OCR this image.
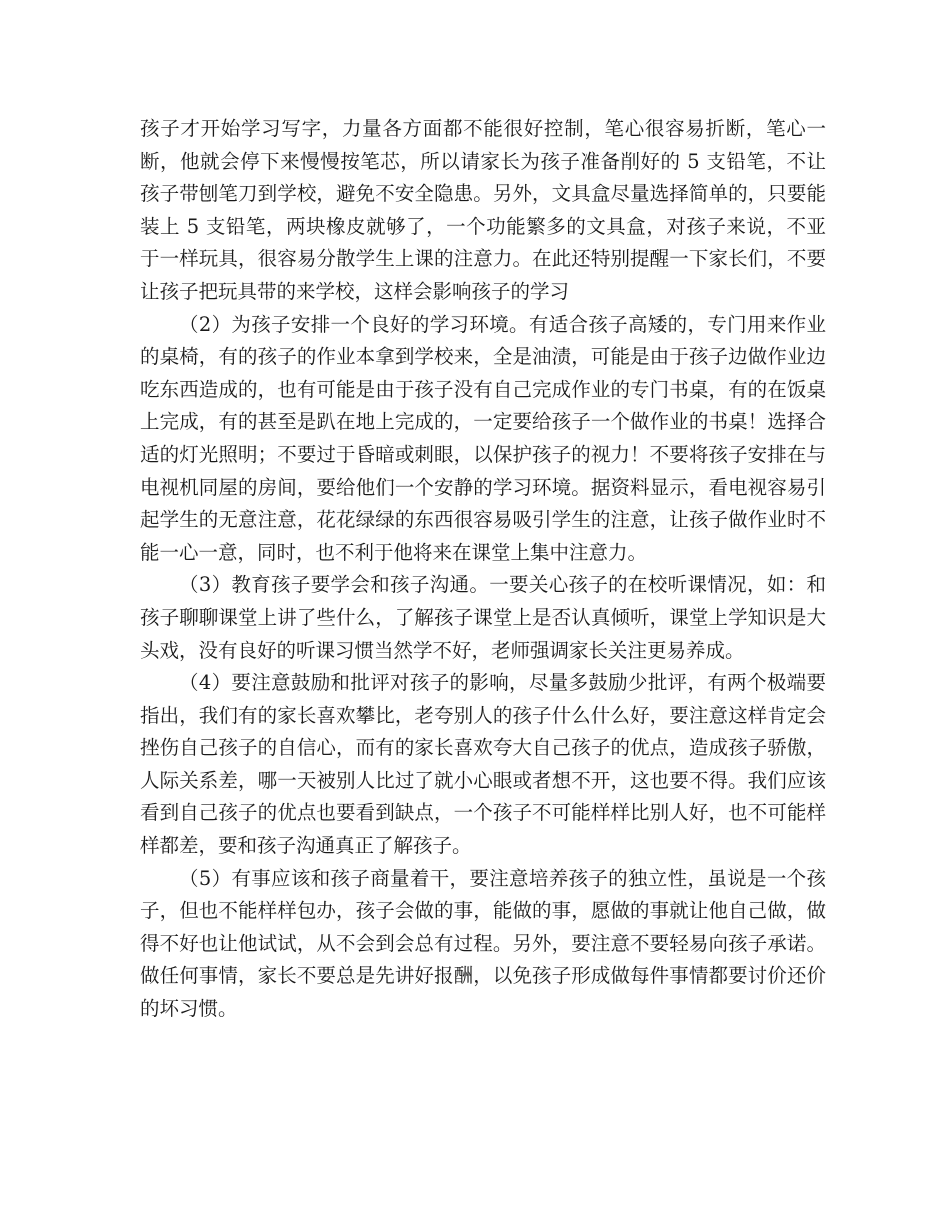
孩子才开始学习写字，力量各方面都不能很好控制，笔心很容易折断，笔心一断，他就会停下来慢慢按笔芯，所以请家长为孩子准备削好的 5 支铅笔，不让孩子带刨笔刀到学校，避免不安全隐患。另外，文具盒尽量选择简单的，只要能装上 5 支铅笔，两块橡皮就够了，一个功能繁多的文具盒，对孩子来说，不亚于一样玩具，很容易分散学生上课的注意力。在此还特别提醒一下家长们，不要让孩子把玩具带的来学校，这样会影响孩子的学习

（2）为孩子安排一个良好的学习环境。有适合孩子高矮的，专门用来作业的桌椅，有的孩子的作业本拿到学校来，全是油渍，可能是由于孩子边做作业边吃东西造成的，也有可能是由于孩子没有自己完成作业的专门书桌，有的在饭桌上完成，有的甚至是趴在地上完成的，一定要给孩子一个做作业的书桌！选择合适的灯光照明；不要过于昏暗或刺眼，以保护孩子的视力！不要将孩子安排在与电视机同屋的房间，要给他们一个安静的学习环境。据资料显示，看电视容易引起学生的无意注意，花花绿绿的东西很容易吸引学生的注意，让孩子做作业时不能一心一意，同时，也不利于他将来在课堂上集中注意力。

（3）教育孩子要学会和孩子沟通。一要关心孩子的在校听课情况，如：和孩子聊聊课堂上讲了些什么，了解孩子课堂上是否认真倾听，课堂上学知识是大头戏，没有良好的听课习惯当然学不好，老师强调家长关注更易养成。

（4）要注意鼓励和批评对孩子的影响，尽量多鼓励少批评，有两个极端要指出，我们有的家长喜欢攀比，老夸别人的孩子什么什么好，要注意这样肯定会挫伤自己孩子的自信心，而有的家长喜欢夸大自己孩子的优点，造成孩子骄傲，人际关系差，哪一天被别人比过了就小心眼或者想不开，这也要不得。我们应该看到自己孩子的优点也要看到缺点，一个孩子不可能样样比别人好，也不可能样样都差，要和孩子沟通真正了解孩子。

（5）有事应该和孩子商量着干，要注意培养孩子的独立性，虽说是一个孩子，但也不能样样包办，孩子会做的事，能做的事，愿做的事就让他自己做，做得不好也让他试试，从不会到会总有过程。另外，要注意不要轻易向孩子承诺。做任何事情，家长不要总是先讲好报酬，以免孩子形成做每件事情都要讨价还价的坏习惯。
